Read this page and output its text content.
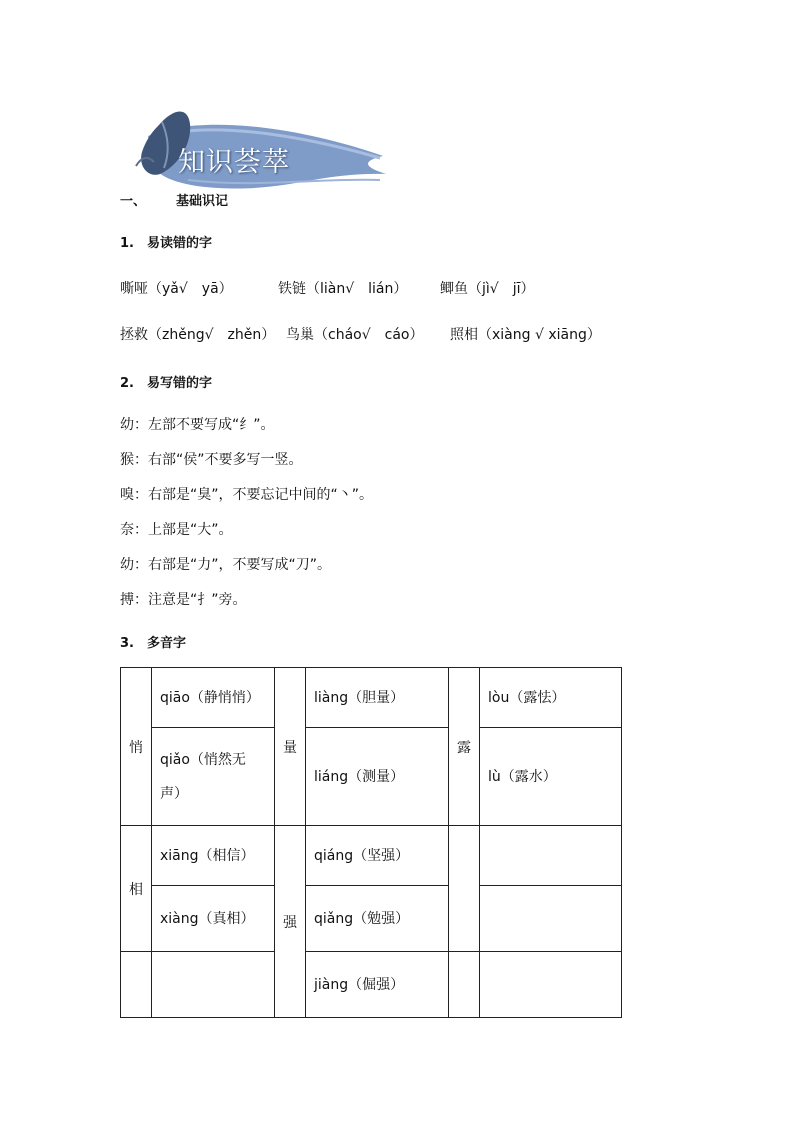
知识荟萃
一、 基础识记
1.　易读错的字
嘶哑（yǎ√　yā）	铁链（liàn√　lián） 鲫鱼（jì√　jī）
拯救（zhěng√　zhěn） 鸟巢（cháo√　cáo） 照相（xiàng √ xiāng）
2.　易写错的字
幼：左部不要写成“纟”。
猴：右部“侯”不要多写一竖。
嗅：右部是“臭”，不要忘记中间的“丶”。
奈：上部是“大”。
幼：右部是“力”，不要写成“刀”。
搏：注意是“扌”旁。
3.　多音字
悄	qiāo（静悄悄）	量	liàng（胆量）	露	lòu（露怯）
	qiǎo（悄然无声）		liáng（测量）		lù（露水）
相	xiāng（相信）	强	qiáng（坚强）		
	xiàng（真相）		qiǎng（勉强）		
			jiàng（倔强）		
